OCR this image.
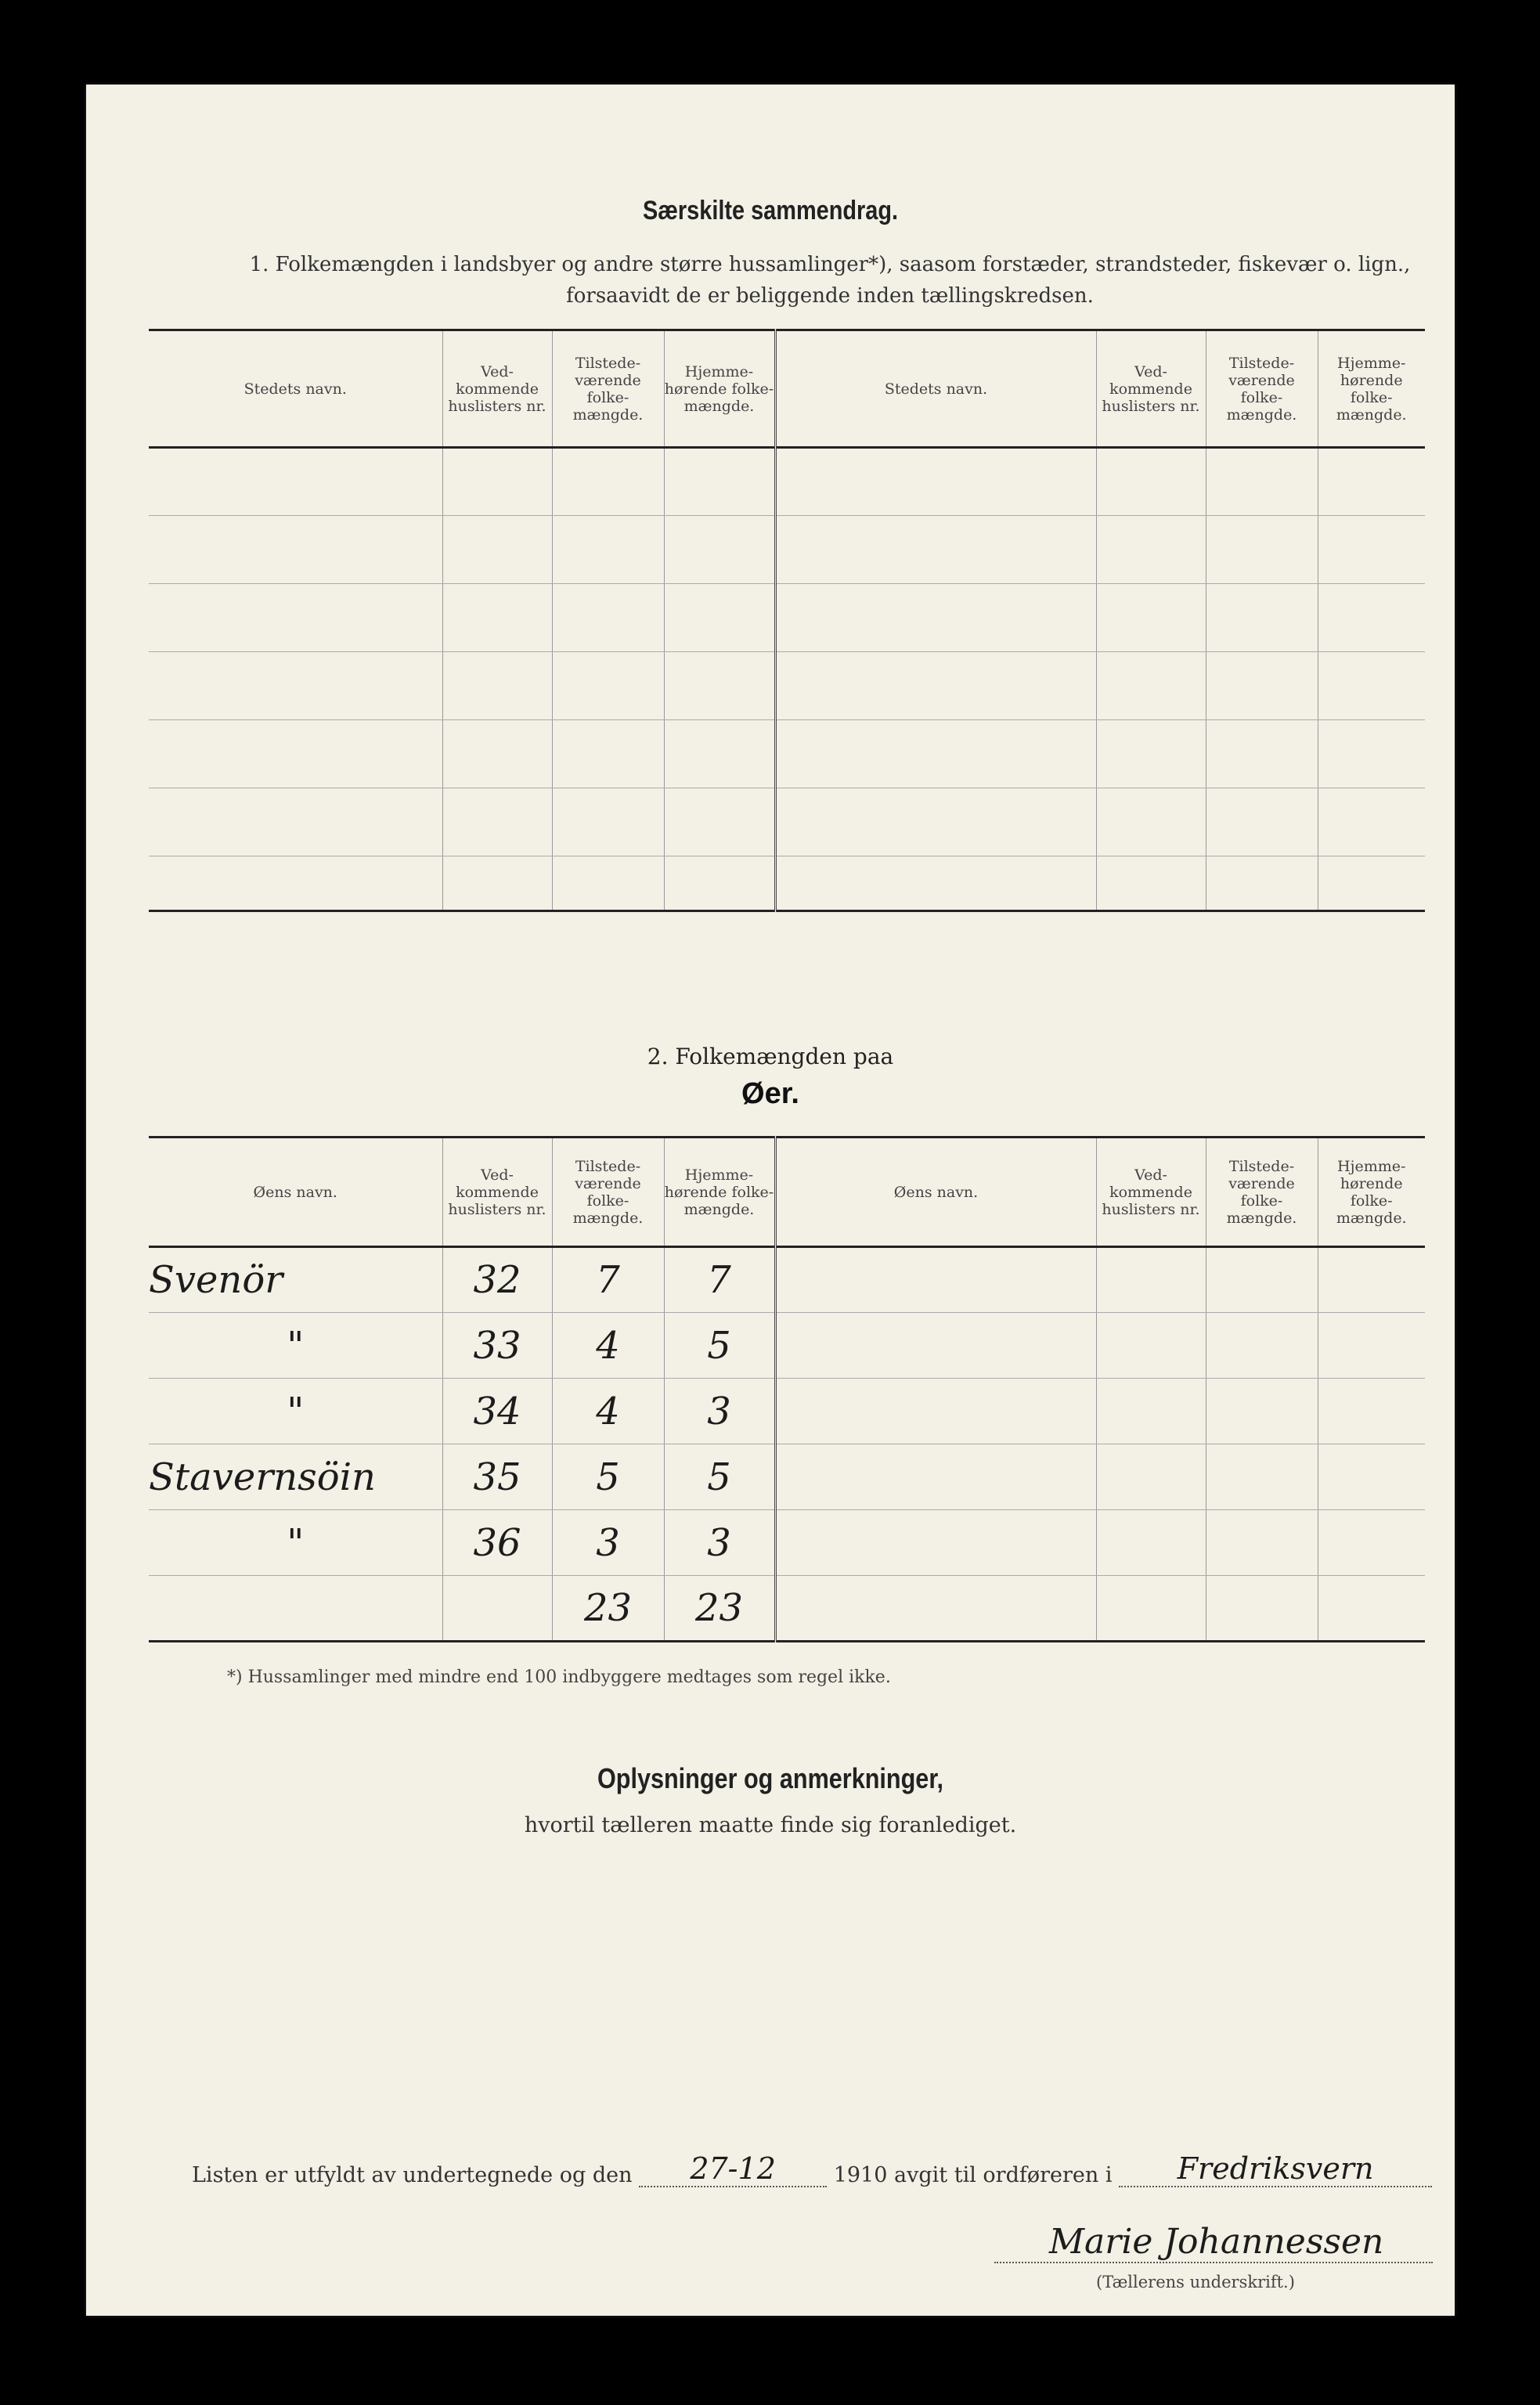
Særskilte sammendrag.
1. Folkemængden i landsbyer og andre større hussamlinger*), saasom forstæder, strandsteder, fiskevær o. lign., forsaavidt de er beliggende inden tællingskredsen.
Stedets navn.	Ved- kommende huslisters nr.	Tilstede- værende folke- mængde.	Hjemme- hørende folke- mængde.	Stedets navn.	Ved- kommende huslisters nr.	Tilstede- værende folke- mængde.	Hjemme- hørende folke- mængde.

2. Folkemængden paa
Øer.
Øens navn.	Ved- kommende huslisters nr.	Tilstede- værende folke- mængde.	Hjemme- hørende folke- mængde.	Øens navn.	Ved- kommende huslisters nr.	Tilstede- værende folke- mængde.	Hjemme- hørende folke- mængde.
Svenör	32	7	7				
"	33	4	5				
"	34	4	3				
Stavernsöin	35	5	5				
"	36	3	3				
		23	23				
*) Hussamlinger med mindre end 100 indbyggere medtages som regel ikke.
Oplysninger og anmerkninger,
hvortil tælleren maatte finde sig foranlediget.
Listen er utfyldt av undertegnede og den 27-12	1910 avgit til ordføreren i Fredriksvern
Marie Johannessen
(Tællerens underskrift.)
